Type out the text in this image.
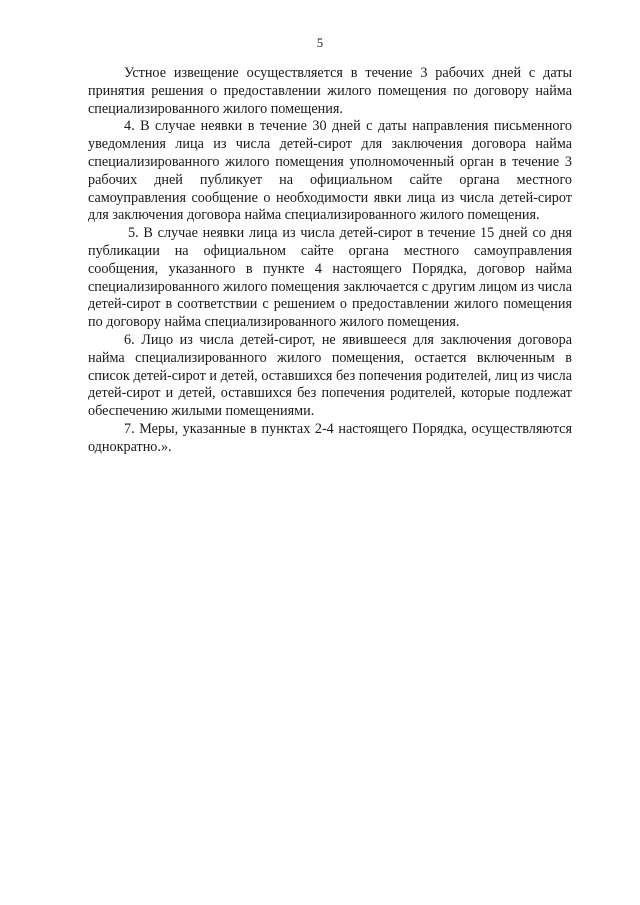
5

Устное извещение осуществляется в течение 3 рабочих дней с даты принятия решения о предоставлении жилого помещения по договору найма специализированного жилого помещения.

4. В случае неявки в течение 30 дней с даты направления письменного уведомления лица из числа детей-сирот для заключения договора найма специализированного жилого помещения уполномоченный орган в течение 3 рабочих дней публикует на официальном сайте органа местного самоуправления сообщение о необходимости явки лица из числа детей-сирот для заключения договора найма специализированного жилого помещения.

5. В случае неявки лица из числа детей-сирот в течение 15 дней со дня публикации на официальном сайте органа местного самоуправления сообщения, указанного в пункте 4 настоящего Порядка, договор найма специализированного жилого помещения заключается с другим лицом из числа детей-сирот в соответствии с решением о предоставлении жилого помещения по договору найма специализированного жилого помещения.

6. Лицо из числа детей-сирот, не явившееся для заключения договора найма специализированного жилого помещения, остается включенным в список детей-сирот и детей, оставшихся без попечения родителей, лиц из числа детей-сирот и детей, оставшихся без попечения родителей, которые подлежат обеспечению жилыми помещениями.

7. Меры, указанные в пунктах 2-4 настоящего Порядка, осуществляются однократно.».
